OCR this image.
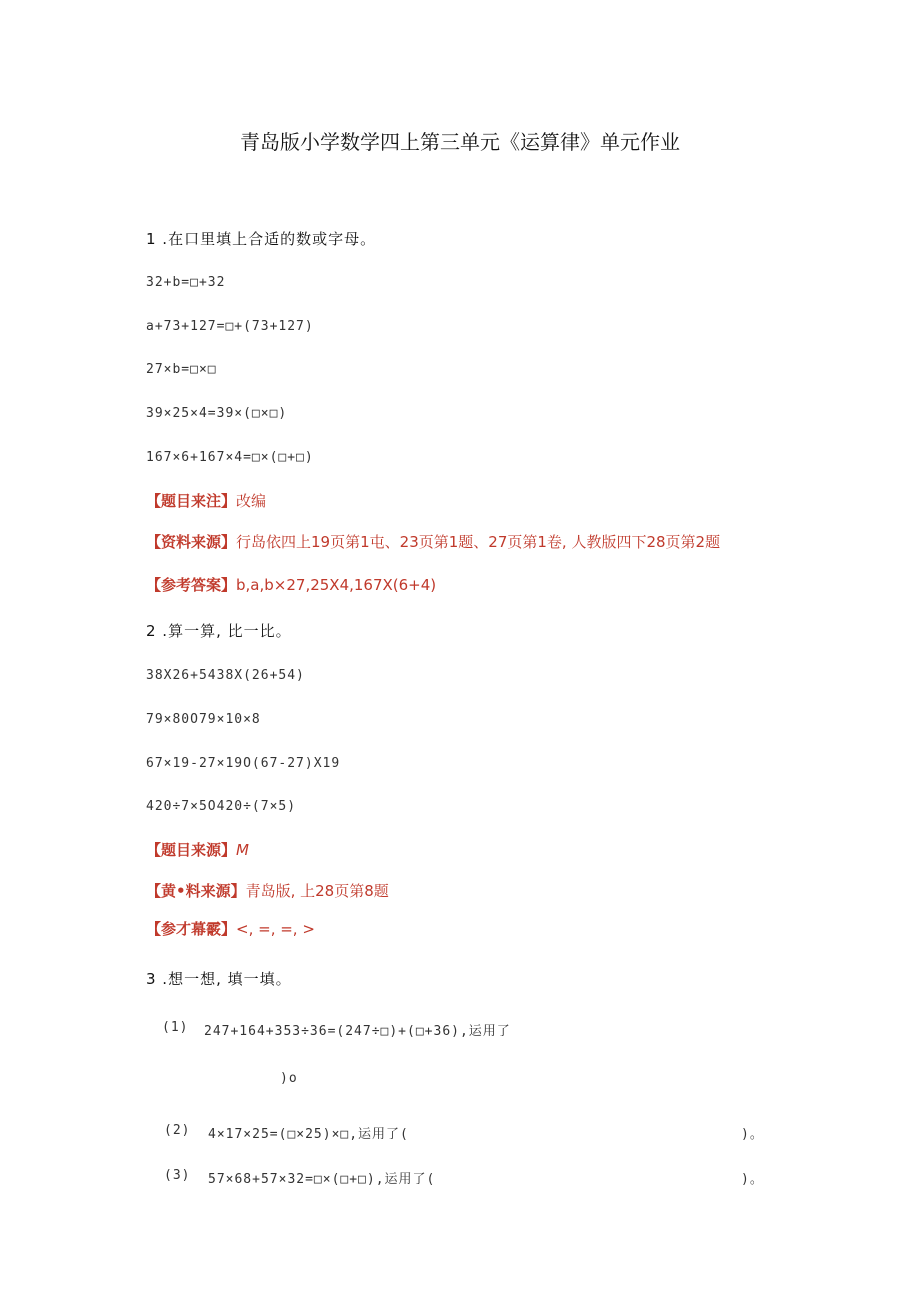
青岛版小学数学四上第三单元《运算律》单元作业
1 .在口里填上合适的数或字母。
32+b=□+32
a+73+127=□+(73+127)
27×b=□×□
39×25×4=39×(□×□)
167×6+167×4=□×(□+□)
【题目来注】改编
【资料来源】行岛依四上19页第1屯、23页第1题、27页第1卷, 人教版四下28页第2题
【参考答案】b,a,b×27,25X4,167X(6+4)
2 .算一算, 比一比。
38X26+5438X(26+54)
79×80O79×10×8
67×19-27×19O(67-27)X19
420÷7×5O420÷(7×5)
【题目来源】M
【黄•料来源】青岛版, 上28页第8题
【参才幕霰】<, =, =, >
3 .想一想, 填一填。
(1) 247+164+353÷36=(247÷□)+(□+36),运用了
)o
(2) 4×17×25=(□×25)×□,运用了(	)。
(3) 57×68+57×32=□×(□+□),运用了(	)。
